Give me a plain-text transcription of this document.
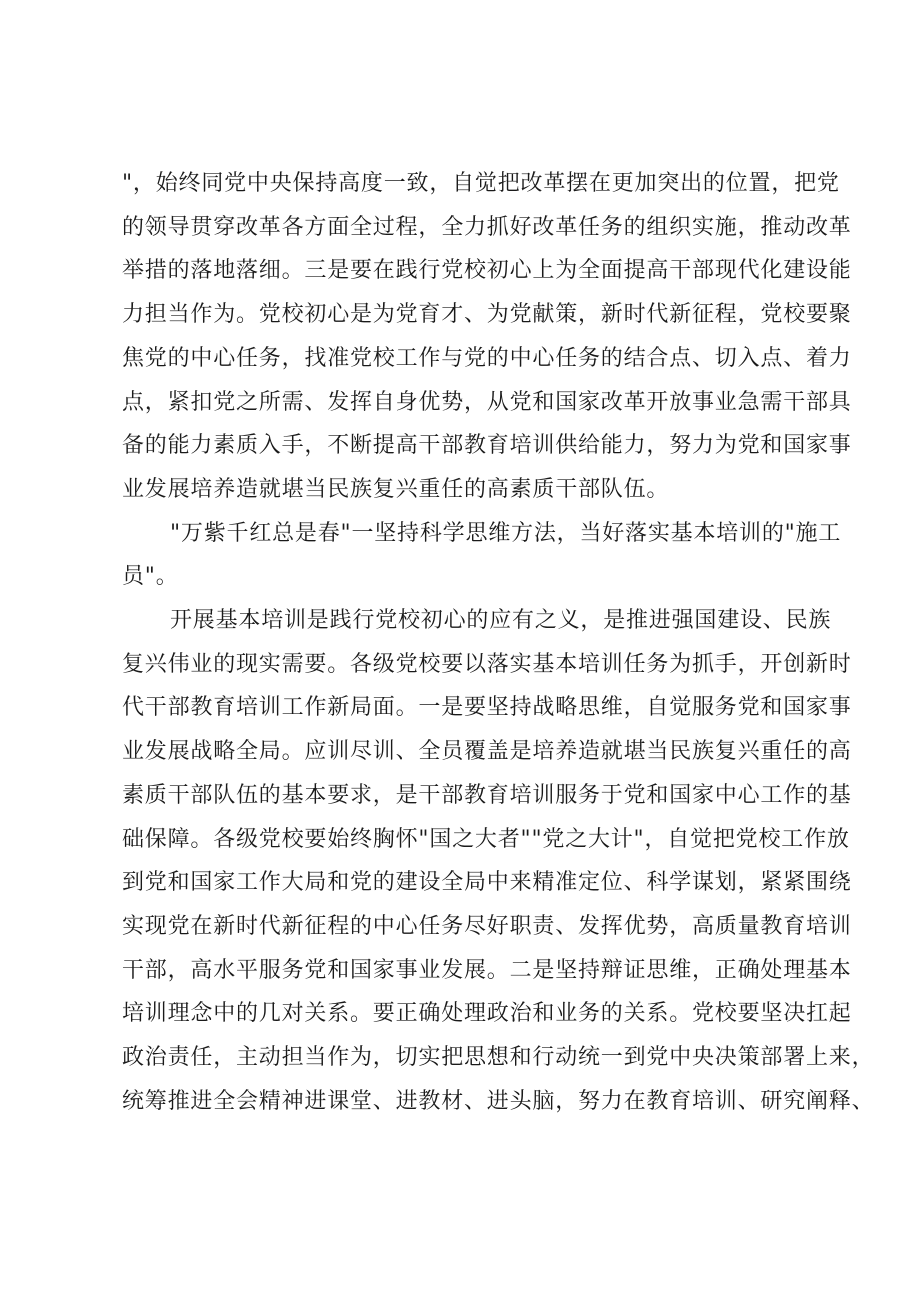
"，始终同党中央保持高度一致，自觉把改革摆在更加突出的位置，把党
的领导贯穿改革各方面全过程，全力抓好改革任务的组织实施，推动改革
举措的落地落细。三是要在践行党校初心上为全面提高干部现代化建设能
力担当作为。党校初心是为党育才、为党献策，新时代新征程，党校要聚
焦党的中心任务，找准党校工作与党的中心任务的结合点、切入点、着力
点，紧扣党之所需、发挥自身优势，从党和国家改革开放事业急需干部具
备的能力素质入手，不断提高干部教育培训供给能力，努力为党和国家事
业发展培养造就堪当民族复兴重任的高素质干部队伍。
"万紫千红总是春"一坚持科学思维方法，当好落实基本培训的"施工
员"。
开展基本培训是践行党校初心的应有之义，是推进强国建设、民族
复兴伟业的现实需要。各级党校要以落实基本培训任务为抓手，开创新时
代干部教育培训工作新局面。一是要坚持战略思维，自觉服务党和国家事
业发展战略全局。应训尽训、全员覆盖是培养造就堪当民族复兴重任的高
素质干部队伍的基本要求，是干部教育培训服务于党和国家中心工作的基
础保障。各级党校要始终胸怀"国之大者""党之大计"，自觉把党校工作放
到党和国家工作大局和党的建设全局中来精准定位、科学谋划，紧紧围绕
实现党在新时代新征程的中心任务尽好职责、发挥优势，高质量教育培训
干部，高水平服务党和国家事业发展。二是坚持辩证思维，正确处理基本
培训理念中的几对关系。要正确处理政治和业务的关系。党校要坚决扛起
政治责任，主动担当作为，切实把思想和行动统一到党中央决策部署上来，
统筹推进全会精神进课堂、进教材、进头脑，努力在教育培训、研究阐释、
